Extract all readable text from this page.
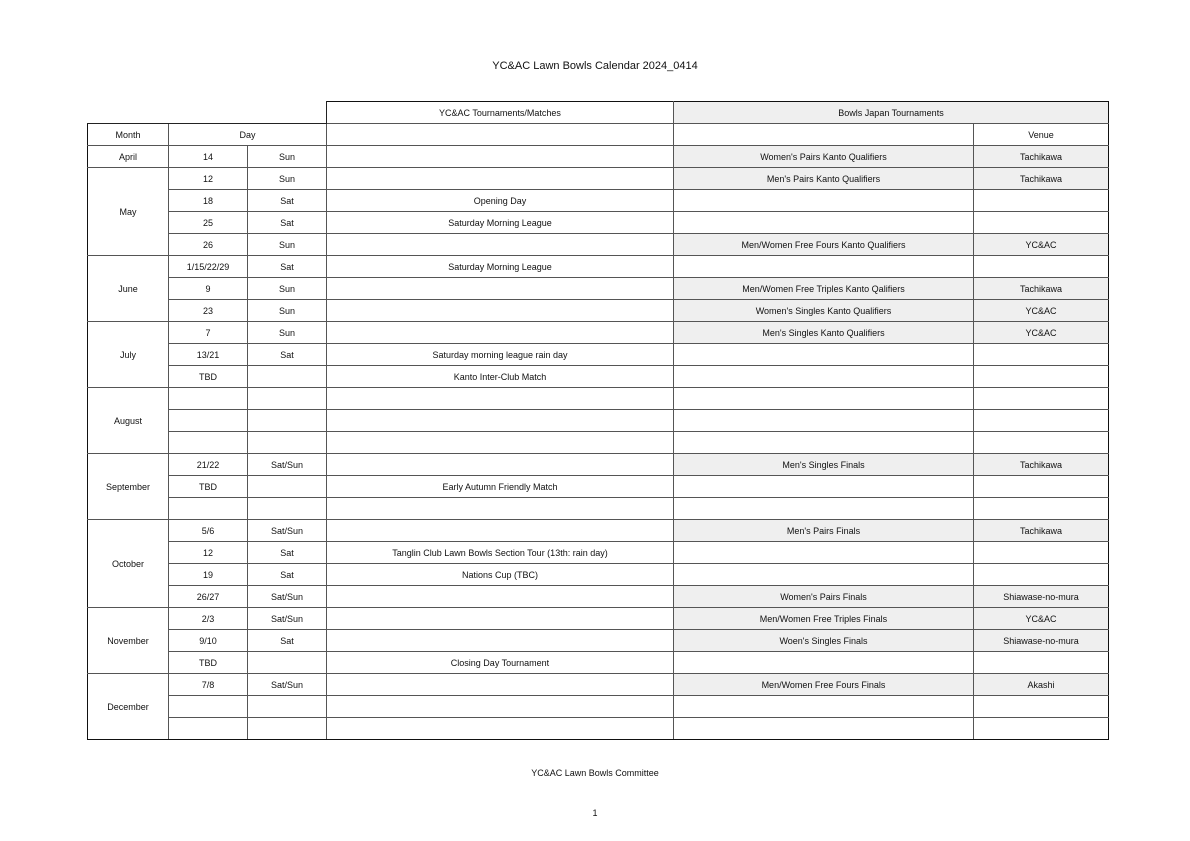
YC&AC Lawn Bowls Calendar 2024_0414
			YC&AC Tournaments/Matches	Bowls Japan Tournaments	
Month	Day				Venue
April	14	Sun		Women's Pairs Kanto Qualifiers	Tachikawa
May	12	Sun		Men's Pairs Kanto Qualifiers	Tachikawa
	18	Sat	Opening Day		
	25	Sat	Saturday Morning League		
	26	Sun		Men/Women Free Fours Kanto Qualifiers	YC&AC
June	1/15/22/29	Sat	Saturday Morning League		
	9	Sun		Men/Women Free Triples Kanto Qalifiers	Tachikawa
	23	Sun		Women's Singles Kanto Qualifiers	YC&AC
July	7	Sun		Men's Singles Kanto Qualifiers	YC&AC
	13/21	Sat	Saturday morning league rain day		
	TBD		Kanto Inter-Club Match		
August					

September	21/22	Sat/Sun		Men's Singles Finals	Tachikawa
	TBD		Early Autumn Friendly Match		

October	5/6	Sat/Sun		Men's Pairs Finals	Tachikawa
	12	Sat	Tanglin Club Lawn Bowls Section Tour (13th: rain day)		
	19	Sat	Nations Cup (TBC)		
	26/27	Sat/Sun		Women's Pairs Finals	Shiawase-no-mura
November	2/3	Sat/Sun		Men/Women Free Triples Finals	YC&AC
	9/10	Sat		Woen's Singles Finals	Shiawase-no-mura
	TBD		Closing Day Tournament		
December	7/8	Sat/Sun		Men/Women Free Fours Finals	Akashi

YC&AC Lawn Bowls Committee
1
